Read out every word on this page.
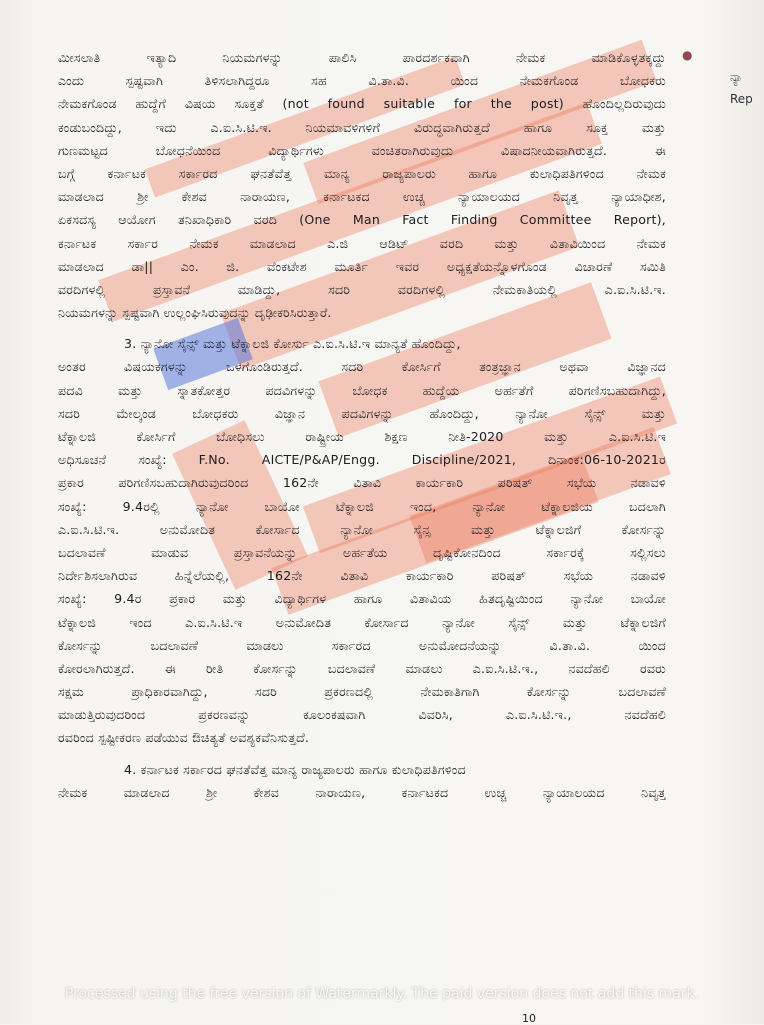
●
ನ್ಯಾ
Rep
ಮೀಸಲಾತಿ ಇತ್ಯಾದಿ ನಿಯಮಗಳನ್ನು ಪಾಲಿಸಿ ಪಾರದರ್ಶಕವಾಗಿ ನೇಮಕ ಮಾಡಿಕೊಳ್ಳತಕ್ಕದ್ದು
ಎಂದು ಸ್ಪಷ್ಟವಾಗಿ ತಿಳಿಸಲಾಗಿದ್ದರೂ ಸಹ ವಿ.ತಾ.ವಿ. ಯಿಂದ ನೇಮಕಗೊಂಡ ಬೋಧಕರು
ನೇಮಕಗೊಂಡ ಹುದ್ದೆಗೆ ವಿಷಯ ಸೂಕ್ತತೆ (not found suitable for the post) ಹೊಂದಿಲ್ಲದಿರುವುದು
ಕಂಡುಬಂದಿದ್ದು, ಇದು ಎ.ಐ.ಸಿ.ಟಿ.ಇ. ನಿಯಮಾವಳಿಗಳಿಗೆ ವಿರುದ್ಧವಾಗಿರುತ್ತದೆ ಹಾಗೂ ಸೂಕ್ತ ಮತ್ತು
ಗುಣಮಟ್ಟದ ಬೋಧನೆಯಿಂದ ವಿದ್ಯಾರ್ಥಿಗಳು ವಂಚಿತರಾಗಿರುವುದು ವಿಷಾದನೀಯವಾಗಿರುತ್ತದೆ. ಈ
ಬಗ್ಗೆ ಕರ್ನಾಟಕ ಸರ್ಕಾರದ ಘನತೆವೆತ್ತ ಮಾನ್ಯ ರಾಜ್ಯಪಾಲರು ಹಾಗೂ ಕುಲಾಧಿಪತಿಗಳಿಂದ ನೇಮಕ
ಮಾಡಲಾದ ಶ್ರೀ ಕೇಶವ ನಾರಾಯಣ, ಕರ್ನಾಟಕದ ಉಚ್ಚ ನ್ಯಾಯಾಲಯದ ನಿವೃತ್ತ ನ್ಯಾಯಾಧೀಶ,
ಏಕಸದಸ್ಯ ಆಯೋಗ ತನಿಖಾಧಿಕಾರಿ ವರದಿ (One Man Fact Finding Committee Report),
ಕರ್ನಾಟಕ ಸರ್ಕಾರ ನೇಮಕ ಮಾಡಲಾದ ಎ.ಜಿ ಆಡಿಟ್ ವರದಿ ಮತ್ತು ವಿತಾವಿಯಿಂದ ನೇಮಕ
ಮಾಡಲಾದ ಡಾ|| ಎಂ. ಜಿ. ವೆಂಕಟೇಶ ಮೂರ್ತಿ ಇವರ ಅಧ್ಯಕ್ಷತೆಯನ್ನೊಳಗೊಂಡ ವಿಚಾರಣೆ ಸಮಿತಿ
ವರದಿಗಳಲ್ಲಿ ಪ್ರಸ್ತಾವನೆ ಮಾಡಿದ್ದು, ಸದರಿ ವರದಿಗಳಲ್ಲಿ ನೇಮಕಾತಿಯಲ್ಲಿ ಎ.ಐ.ಸಿ.ಟಿ.ಇ.
ನಿಯಮಗಳನ್ನು ಸ್ಪಷ್ಟವಾಗಿ ಉಲ್ಲಂಘಿಸಿರುವುದನ್ನು ದೃಢೀಕರಿಸಿರುತ್ತಾರೆ.
3. ನ್ಯಾನೋ ಸೈನ್ಸ್ ಮತ್ತು ಟೆಕ್ನಾಲಜಿ ಕೋರ್ಸು ಎ.ಐ.ಸಿ.ಟಿ.ಇ ಮಾನ್ಯತೆ ಹೊಂದಿದ್ದು,
ಅಂತರ ವಿಷಯಕಗಳನ್ನು ಒಳಗೊಂಡಿರುತ್ತದೆ. ಸದರಿ ಕೋರ್ಸಿಗೆ ತಂತ್ರಜ್ಞಾನ ಅಥವಾ ವಿಜ್ಞಾನದ
ಪದವಿ ಮತ್ತು ಸ್ನಾತಕೋತ್ತರ ಪದವಿಗಳನ್ನು ಬೋಧಕ ಹುದ್ದೆಯ ಅರ್ಹತೆಗೆ ಪರಿಗಣಿಸಬಹುದಾಗಿದ್ದು,
ಸದರಿ ಮೇಲ್ಕಂಡ ಬೋಧಕರು ವಿಜ್ಞಾನ ಪದವಿಗಳನ್ನು ಹೊಂದಿದ್ದು, ನ್ಯಾನೋ ಸೈನ್ಸ್ ಮತ್ತು
ಟೆಕ್ನಾಲಜಿ ಕೋರ್ಸಿಗೆ ಬೋಧಿಸಲು ರಾಷ್ಟ್ರೀಯ ಶಿಕ್ಷಣ ನೀತಿ-2020 ಮತ್ತು ಎ.ಐ.ಸಿ.ಟಿ.ಇ
ಅಧಿಸೂಚನೆ ಸಂಖ್ಯೆ: F.No. AICTE/P&AP/Engg. Discipline/2021, ದಿನಾಂಕ:06-10-2021ರ
ಪ್ರಕಾರ ಪರಿಗಣಿಸಬಹುದಾಗಿರುವುದರಿಂದ 162ನೇ ವಿತಾವಿ ಕಾರ್ಯಕಾರಿ ಪರಿಷತ್ ಸಭೆಯ ನಡಾವಳಿ
ಸಂಖ್ಯೆ: 9.4ರಲ್ಲಿ ನ್ಯಾನೋ ಬಾಯೋ ಟೆಕ್ನಾಲಜಿ ಇಂದ, ನ್ಯಾನೋ ಟೆಕ್ನಾಲಜಿಯ ಬದಲಾಗಿ
ಎ.ಐ.ಸಿ.ಟಿ.ಇ. ಅನುಮೋದಿತ ಕೋರ್ಸಾದ ನ್ಯಾನೋ ಸೈನ್ಸ ಮತ್ತು ಟೆಕ್ನಾಲಜಿಗೆ ಕೋರ್ಸನ್ನು
ಬದಲಾವಣೆ ಮಾಡುವ ಪ್ರಸ್ತಾವನೆಯನ್ನು ಅರ್ಹತೆಯ ದೃಷ್ಟಿಕೋನದಿಂದ ಸರ್ಕಾರಕ್ಕೆ ಸಲ್ಲಿಸಲು
ನಿರ್ದೇಶಿಸಲಾಗಿರುವ ಹಿನ್ನೆಲೆಯಲ್ಲಿ, 162ನೇ ವಿತಾವಿ ಕಾರ್ಯಕಾರಿ ಪರಿಷತ್ ಸಭೆಯ ನಡಾವಳಿ
ಸಂಖ್ಯೆ: 9.4ರ ಪ್ರಕಾರ ಮತ್ತು ವಿದ್ಯಾರ್ಥಿಗಳ ಹಾಗೂ ವಿತಾವಿಯ ಹಿತದೃಷ್ಟಿಯಿಂದ ನ್ಯಾನೋ ಬಾಯೋ
ಟೆಕ್ನಾಲಜಿ ಇಂದ ಎ.ಐ.ಸಿ.ಟಿ.ಇ ಅನುಮೋದಿತ ಕೋರ್ಸಾದ ನ್ಯಾನೋ ಸೈನ್ಸ್ ಮತ್ತು ಟೆಕ್ನಾಲಜಿಗೆ
ಕೋರ್ಸನ್ನು ಬದಲಾವಣೆ ಮಾಡಲು ಸರ್ಕಾರದ ಅನುಮೋದನೆಯನ್ನು ವಿ.ತಾ.ವಿ. ಯಿಂದ
ಕೋರಲಾಗಿರುತ್ತದೆ. ಈ ರೀತಿ ಕೋರ್ಸನ್ನು ಬದಲಾವಣೆ ಮಾಡಲು ಎ.ಐ.ಸಿ.ಟಿ.ಇ., ನವದೆಹಲಿ ರವರು
ಸಕ್ಷಮ ಪ್ರಾಧಿಕಾರವಾಗಿದ್ದು, ಸದರಿ ಪ್ರಕರಣದಲ್ಲಿ ನೇಮಕಾತಿಗಾಗಿ ಕೋರ್ಸನ್ನು ಬದಲಾವಣೆ
ಮಾಡುತ್ತಿರುವುದರಿಂದ ಪ್ರಕರಣವನ್ನು ಕೂಲಂಕಷವಾಗಿ ವಿವರಿಸಿ, ಎ.ಐ.ಸಿ.ಟಿ.ಇ., ನವದೆಹಲಿ
ರವರಿಂದ ಸ್ಪಷ್ಟೀಕರಣ ಪಡೆಯುವ ಔಚಿತ್ಯತೆ ಅವಶ್ಯಕವೆನಿಸುತ್ತದೆ.
4. ಕರ್ನಾಟಕ ಸರ್ಕಾರದ ಘನತೆವೆತ್ತ ಮಾನ್ಯ ರಾಜ್ಯಪಾಲರು ಹಾಗೂ ಕುಲಾಧಿಪತಿಗಳಿಂದ
ನೇಮಕ ಮಾಡಲಾದ ಶ್ರೀ ಕೇಶವ ನಾರಾಯಣ, ಕರ್ನಾಟಕದ ಉಚ್ಚ ನ್ಯಾಯಾಲಯದ ನಿವೃತ್ತ
Processed using the free version of Watermarkly. The paid version does not add this mark.
10
